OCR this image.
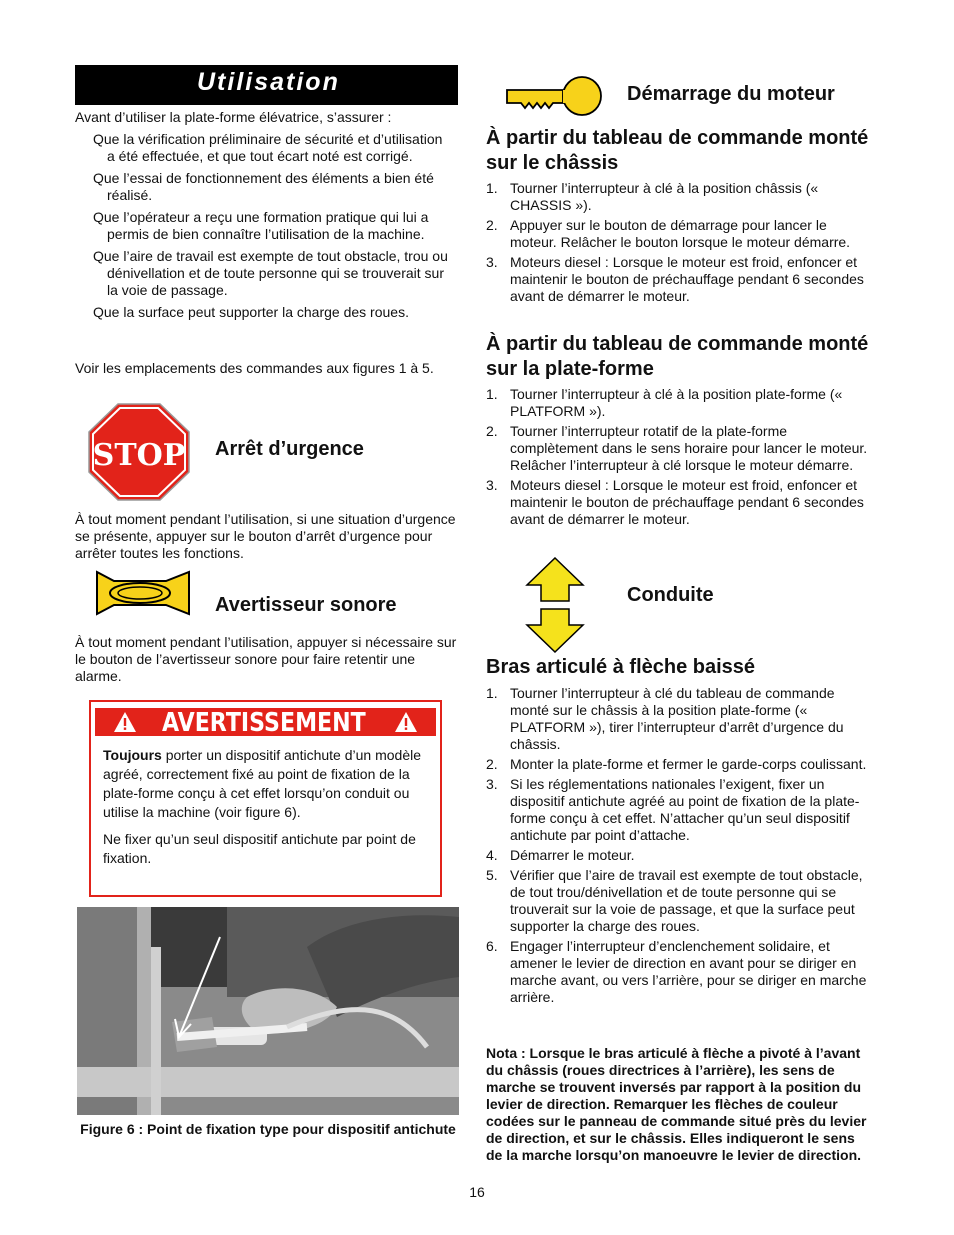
Utilisation

Avant d’utiliser la plate-forme élévatrice, s’assurer :

Que la vérification préliminaire de sécurité et d’utilisation a été effectuée, et que tout écart noté est corrigé.
Que l’essai de fonctionnement des éléments a bien été réalisé.
Que l’opérateur a reçu une formation pratique qui lui a permis de bien connaître l’utilisation de la machine.
Que l’aire de travail est exempte de tout obstacle, trou ou dénivellation et de toute personne qui se trouverait sur la voie de passage.
Que la surface peut supporter la charge des roues.

Voir les emplacements des commandes aux figures 1 à 5.

STOP Arrêt d’urgence

À tout moment pendant l’utilisation, si une situation d’urgence se présente, appuyer sur le bouton d’arrêt d’urgence pour arrêter toutes les fonctions.

Avertisseur sonore

À tout moment pendant l’utilisation, appuyer si nécessaire sur le bouton de l’avertisseur sonore pour faire retentir une alarme.

AVERTISSEMENT

Toujours porter un dispositif antichute d’un modèle agréé, correctement fixé au point de fixation de la plate-forme conçu à cet effet lorsqu’on conduit ou utilise la machine (voir figure 6).

Ne fixer qu’un seul dispositif antichute par point de fixation.

Figure 6 : Point de fixation type pour dispositif antichute
Démarrage du moteur
À partir du tableau de commande monté sur le châssis
1. Tourner l’interrupteur à clé à la position châssis (« CHASSIS »).
2. Appuyer sur le bouton de démarrage pour lancer le moteur. Relâcher le bouton lorsque le moteur démarre.
3. Moteurs diesel : Lorsque le moteur est froid, enfoncer et maintenir le bouton de préchauffage pendant 6 secondes avant de démarrer le moteur.
À partir du tableau de commande monté sur la plate-forme
1. Tourner l’interrupteur à clé à la position plate-forme (« PLATFORM »).
2. Tourner l’interrupteur rotatif de la plate-forme complètement dans le sens horaire pour lancer le moteur. Relâcher l’interrupteur à clé lorsque le moteur démarre.
3. Moteurs diesel : Lorsque le moteur est froid, enfoncer et maintenir le bouton de préchauffage pendant 6 secondes avant de démarrer le moteur.
Conduite
Bras articulé à flèche baissé
1. Tourner l’interrupteur à clé du tableau de commande monté sur le châssis à la position plate-forme (« PLATFORM »), tirer l’interrupteur d’arrêt d’urgence du châssis.
2. Monter la plate-forme et fermer le garde-corps coulissant.
3. Si les réglementations nationales l’exigent, fixer un dispositif antichute agréé au point de fixation de la plate-forme conçu à cet effet. N’attacher qu’un seul dispositif antichute par point d’attache.
4. Démarrer le moteur.
5. Vérifier que l’aire de travail est exempte de tout obstacle, de tout trou/dénivellation et de toute personne qui se trouverait sur la voie de passage, et que la surface peut supporter la charge des roues.
6. Engager l’interrupteur d’enclenchement solidaire, et amener le levier de direction en avant pour se diriger en marche avant, ou vers l’arrière, pour se diriger en marche arrière.

Nota : Lorsque le bras articulé à flèche a pivoté à l’avant du châssis (roues directrices à l’arrière), les sens de marche se trouvent inversés par rapport à la position du levier de direction. Remarquer les flèches de couleur codées sur le panneau de commande situé près du levier de direction, et sur le châssis. Elles indiqueront le sens de la marche lorsqu’on manoeuvre le levier de direction.

16
